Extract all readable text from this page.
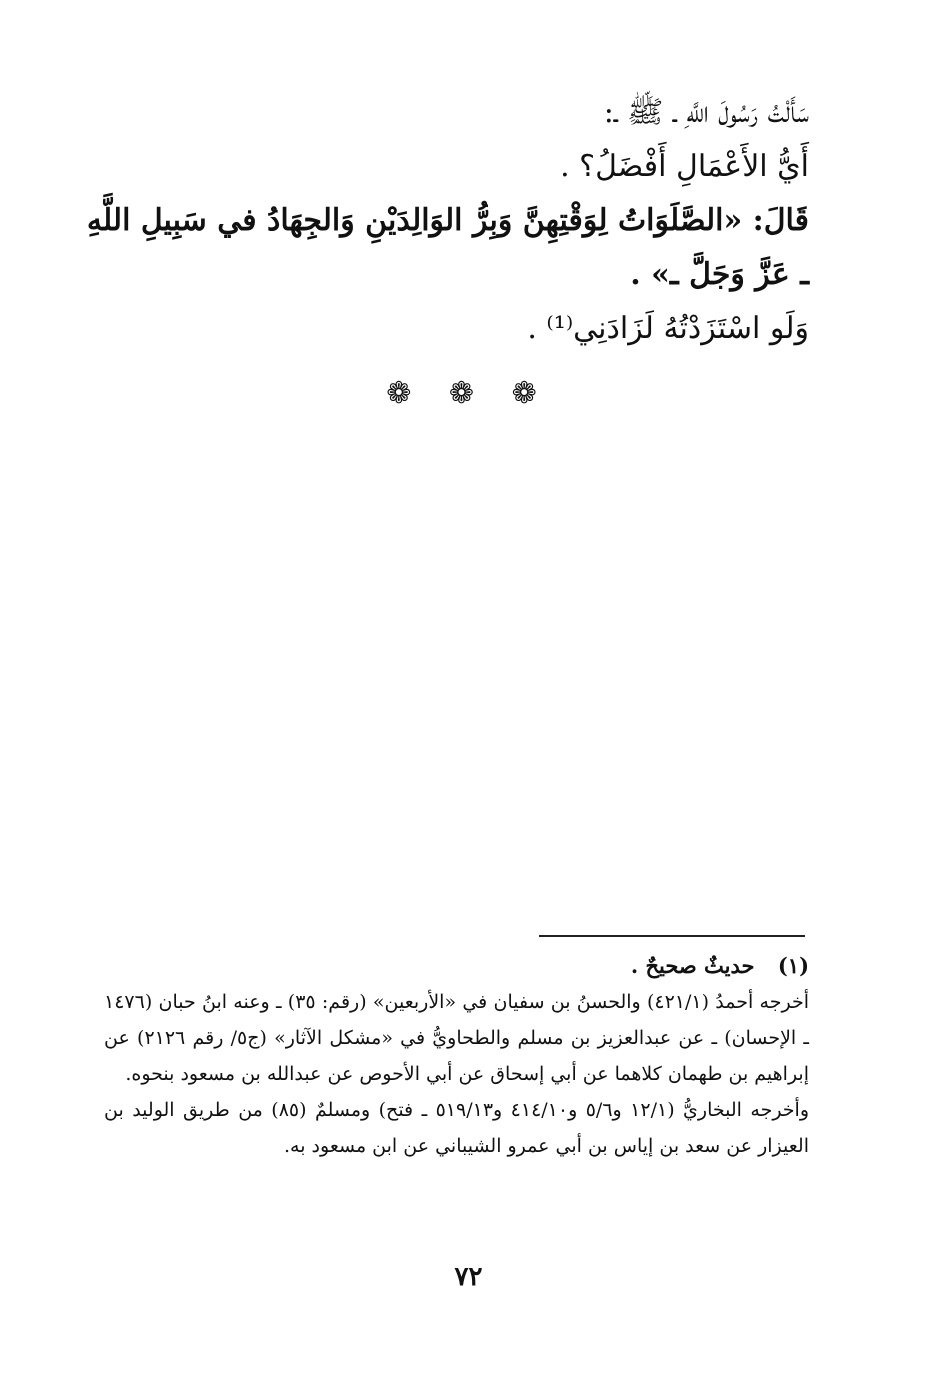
سَأَلْتُ رَسُولَ اللَّهِ ـ ﷺ ـ:
أَيُّ الأَعْمَالِ أَفْضَلُ؟ .
قَالَ: «الصَّلَوَاتُ لِوَقْتِهِنَّ وَبِرُّ الوَالِدَيْنِ وَالجِهَادُ في سَبِيلِ اللَّهِ
ـ عَزَّ وَجَلَّ ـ» .
وَلَو اسْتَزَدْتُهُ لَزَادَنِي⁽¹⁾ .
❁ ❁ ❁
(١) حديثٌ صحيحٌ .
أخرجه أحمدُ (٤٢١/١) والحسنُ بن سفيان في «الأربعين» (رقم: ٣٥) ـ وعنه ابنُ حبان (١٤٧٦ ـ الإحسان) ـ عن عبدالعزيز بن مسلم والطحاويُّ في «مشكل الآثار» (ج٥/ رقم ٢١٢٦) عن إبراهيم بن طهمان كلاهما عن أبي إسحاق عن أبي الأحوص عن عبدالله بن مسعود بنحوه.
وأخرجه البخاريُّ (١٢/١ و٥/٦ و٤١٤/١٠ و٥١٩/١٣ ـ فتح) ومسلمٌ (٨٥) من طريق الوليد بن العيزار عن سعد بن إياس بن أبي عمرو الشيباني عن ابن مسعود به.
٧٢
